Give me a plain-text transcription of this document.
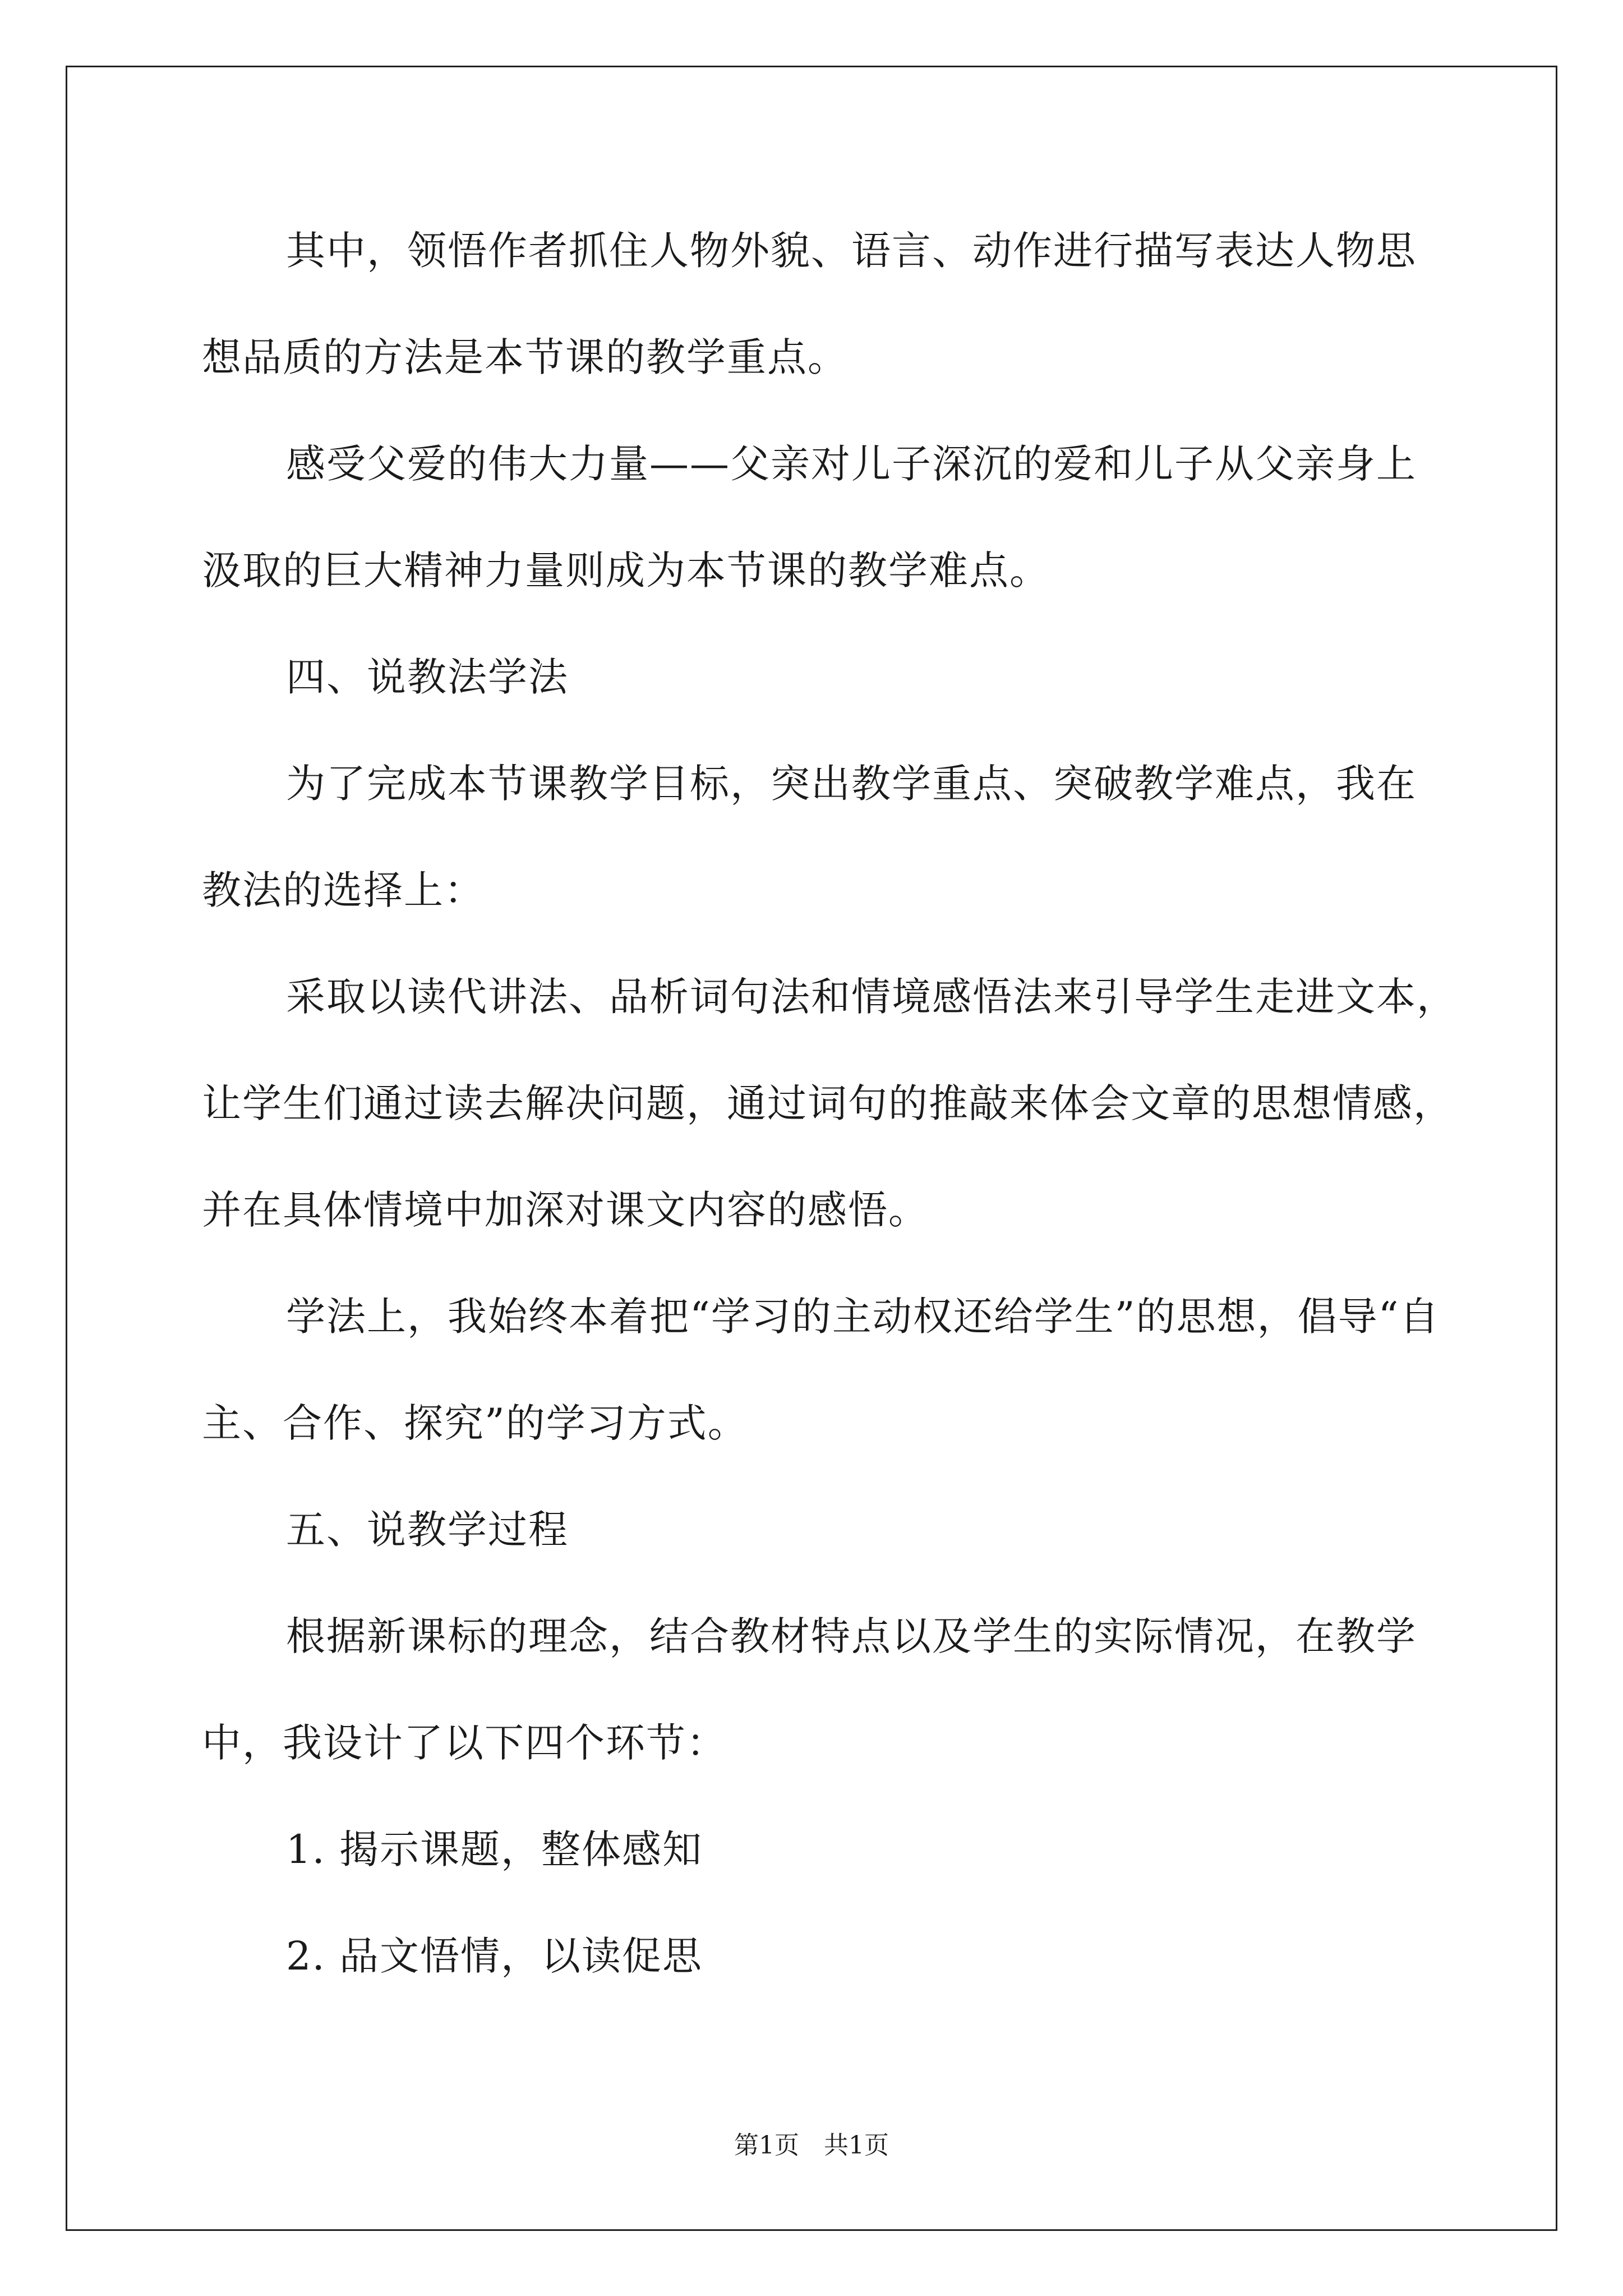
其中，领悟作者抓住人物外貌、语言、动作进行描写表达人物思
想品质的方法是本节课的教学重点。
感受父爱的伟大力量——父亲对儿子深沉的爱和儿子从父亲身上
汲取的巨大精神力量则成为本节课的教学难点。
四、说教法学法
为了完成本节课教学目标，突出教学重点、突破教学难点，我在
教法的选择上：
采取以读代讲法、品析词句法和情境感悟法来引导学生走进文本，
让学生们通过读去解决问题，通过词句的推敲来体会文章的思想情感，
并在具体情境中加深对课文内容的感悟。
学法上，我始终本着把“学习的主动权还给学生”的思想，倡导“自
主、合作、探究”的学习方式。
五、说教学过程
根据新课标的理念，结合教材特点以及学生的实际情况，在教学
中，我设计了以下四个环节：
1. 揭示课题，整体感知
2. 品文悟情，以读促思
第1页　共1页
